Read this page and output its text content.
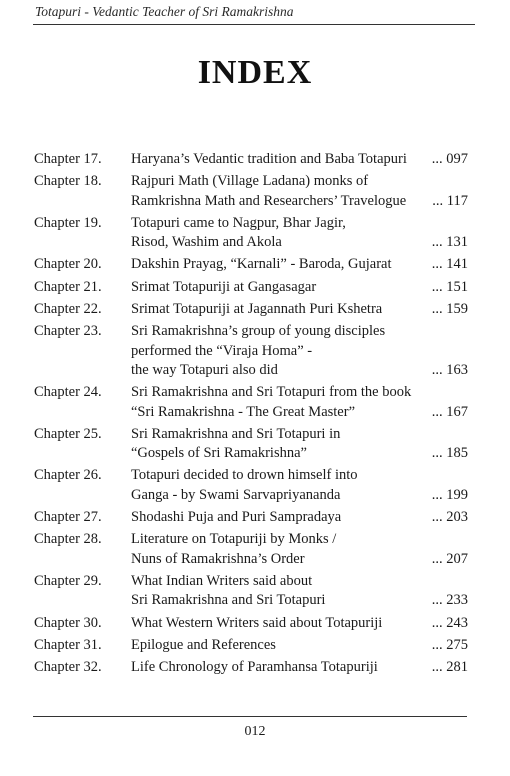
Totapuri - Vedantic Teacher of Sri Ramakrishna
INDEX
Chapter 17. Haryana’s Vedantic tradition and Baba Totapuri ... 097
Chapter 18. Rajpuri Math (Village Ladana) monks of
Ramkrishna Math and Researchers’ Travelogue ... 117
Chapter 19. Totapuri came to Nagpur, Bhar Jagir,
Risod, Washim and Akola	... 131
Chapter 20. Dakshin Prayag, “Karnali” - Baroda, Gujarat	... 141
Chapter 21. Srimat Totapuriji at Gangasagar	... 151
Chapter 22. Srimat Totapuriji at Jagannath Puri Kshetra	... 159
Chapter 23. Sri Ramakrishna’s group of young disciples
performed the “Viraja Homa” -
the way Totapuri also did	... 163
Chapter 24. Sri Ramakrishna and Sri Totapuri from the book
“Sri Ramakrishna - The Great Master”	... 167
Chapter 25. Sri Ramakrishna and Sri Totapuri in
“Gospels of Sri Ramakrishna”	... 185
Chapter 26. Totapuri decided to drown himself into
Ganga - by Swami Sarvapriyananda	... 199
Chapter 27. Shodashi Puja and Puri Sampradaya	... 203
Chapter 28. Literature on Totapuriji by Monks /
Nuns of Ramakrishna’s Order	... 207
Chapter 29. What Indian Writers said about
Sri Ramakrishna and Sri Totapuri	... 233
Chapter 30. What Western Writers said about Totapuriji	... 243
Chapter 31. Epilogue and References	... 275
Chapter 32. Life Chronology of Paramhansa Totapuriji	... 281
012
